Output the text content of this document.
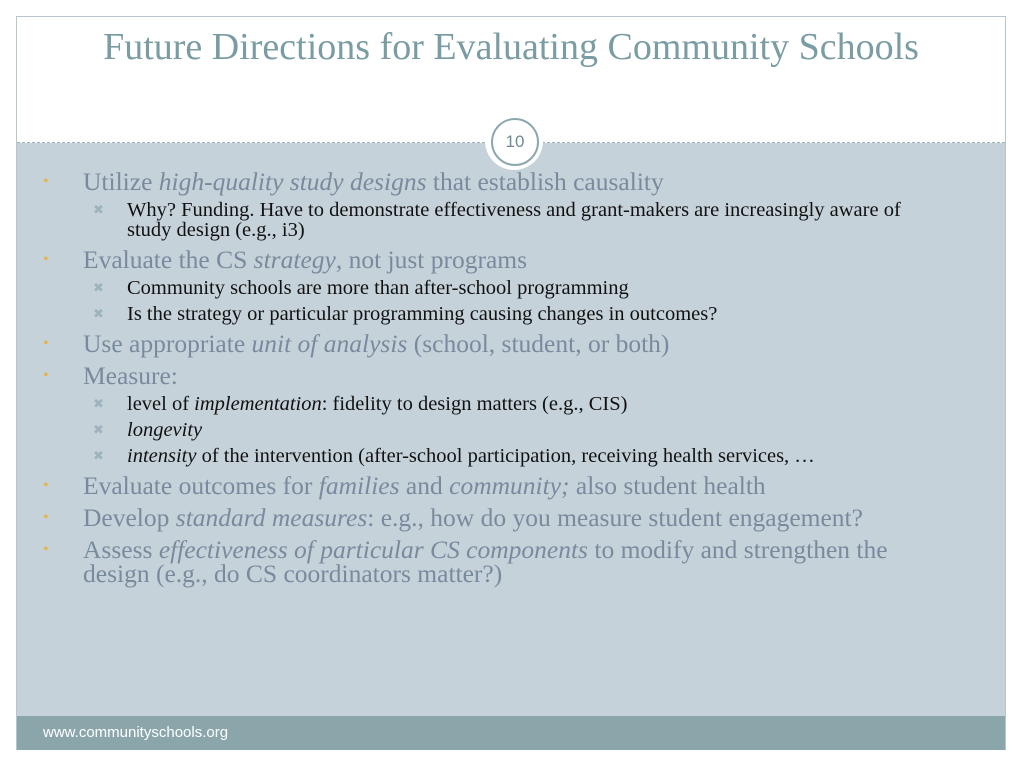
Future Directions for Evaluating Community Schools
10
• Utilize high-quality study designs that establish causality
✖ Why? Funding. Have to demonstrate effectiveness and grant-makers are increasingly aware of study design (e.g., i3)
• Evaluate the CS strategy, not just programs
✖ Community schools are more than after-school programming
✖ Is the strategy or particular programming causing changes in outcomes?
• Use appropriate unit of analysis (school, student, or both)
• Measure:
✖ level of implementation: fidelity to design matters (e.g., CIS)
✖ longevity
✖ intensity of the intervention (after-school participation, receiving health services, …
• Evaluate outcomes for families and community; also student health
• Develop standard measures: e.g., how do you measure student engagement?
• Assess effectiveness of particular CS components to modify and strengthen the design (e.g., do CS coordinators matter?)
www.communityschools.org
